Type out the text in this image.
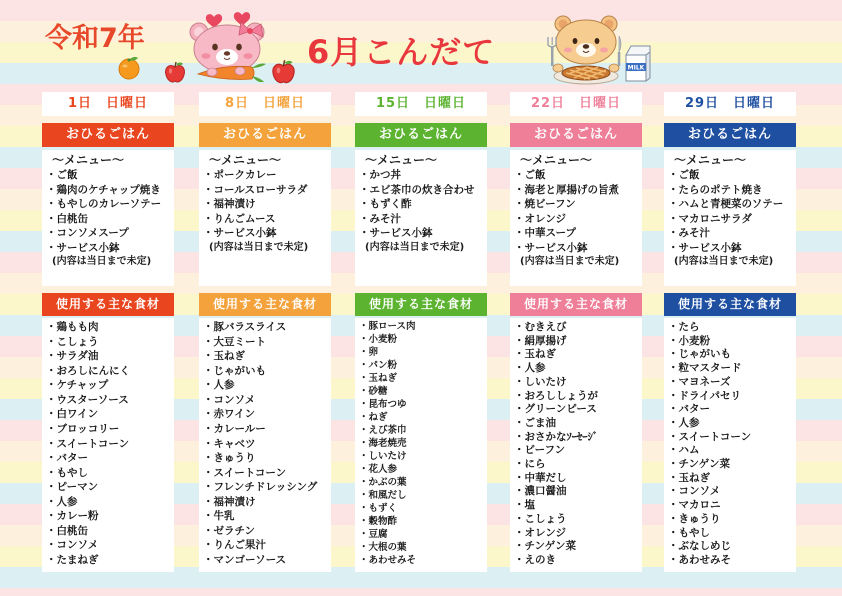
令和7年	6月こんだて	MILK
1日　日曜日
おひるごはん
～メニュー～
・ご飯
・鶏肉のケチャップ焼き
・もやしのカレーソテー
・白桃缶
・コンソメスープ
・サービス小鉢
(内容は当日まで未定)
使用する主な食材
・鶏もも肉
・こしょう
・サラダ油
・おろしにんにく
・ケチャップ
・ウスターソース
・白ワイン
・ブロッコリー
・スイートコーン
・バター
・もやし
・ピーマン
・人参
・カレー粉
・白桃缶
・コンソメ
・たまねぎ
8日　日曜日
おひるごはん
～メニュー～
・ポークカレー
・コールスローサラダ
・福神漬け
・りんごムース
・サービス小鉢
(内容は当日まで未定)
使用する主な食材
・豚バラスライス
・大豆ミート
・玉ねぎ
・じゃがいも
・人参
・コンソメ
・赤ワイン
・カレールー
・キャベツ
・きゅうり
・スイートコーン
・フレンチドレッシング
・福神漬け
・牛乳
・ゼラチン
・りんご果汁
・マンゴーソース
15日　日曜日
おひるごはん
～メニュー～
・かつ丼
・エビ茶巾の炊き合わせ
・もずく酢
・みそ汁
・サービス小鉢
(内容は当日まで未定)
使用する主な食材
・豚ロース肉
・小麦粉
・卵
・パン粉
・玉ねぎ
・砂糖
・昆布つゆ
・ねぎ
・えび茶巾
・海老焼売
・しいたけ
・花人参
・かぶの葉
・和風だし
・もずく
・穀物酢
・豆腐
・大根の葉
・あわせみそ
22日　日曜日
おひるごはん
～メニュー～
・ご飯
・海老と厚揚げの旨煮
・焼ビーフン
・オレンジ
・中華スープ
・サービス小鉢
(内容は当日まで未定)
使用する主な食材
・むきえび
・絹厚揚げ
・玉ねぎ
・人参
・しいたけ
・おろししょうが
・グリーンピース
・ごま油
・おさかなｿｰｾｰｼﾞ
・ビーフン
・にら
・中華だし
・濃口醤油
・塩
・こしょう
・オレンジ
・チンゲン菜
・えのき
29日　日曜日
おひるごはん
～メニュー～
・ご飯
・たらのポテト焼き
・ハムと青梗菜のソテー
・マカロニサラダ
・みそ汁
・サービス小鉢
(内容は当日まで未定)
使用する主な食材
・たら
・小麦粉
・じゃがいも
・粒マスタード
・マヨネーズ
・ドライパセリ
・バター
・人参
・スイートコーン
・ハム
・チンゲン菜
・玉ねぎ
・コンソメ
・マカロニ
・きゅうり
・もやし
・ぶなしめじ
・あわせみそ
